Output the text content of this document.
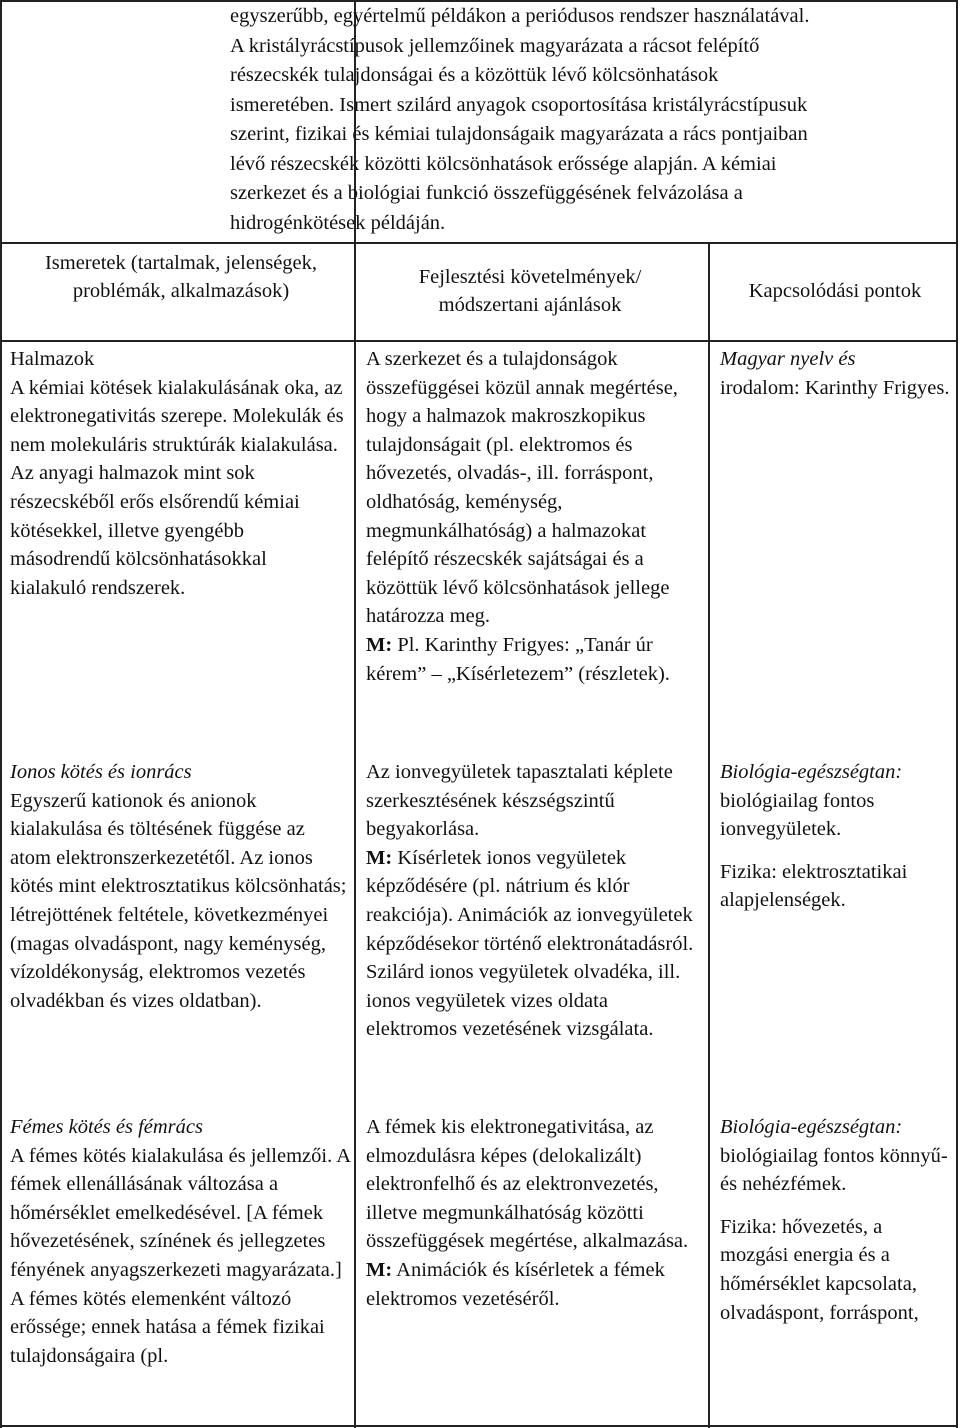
egyszerűbb, egyértelmű példákon a periódusos rendszer használatával.
A kristályrácstípusok jellemzőinek magyarázata a rácsot felépítő
részecskék tulajdonságai és a közöttük lévő kölcsönhatások
ismeretében. Ismert szilárd anyagok csoportosítása kristályrácstípusuk
szerint, fizikai és kémiai tulajdonságaik magyarázata a rács pontjaiban
lévő részecskék közötti kölcsönhatások erőssége alapján. A kémiai
szerkezet és a biológiai funkció összefüggésének felvázolása a
hidrogénkötések példáján.
Ismeretek (tartalmak, jelenségek, problémák, alkalmazások)
Fejlesztési követelmények/ módszertani ajánlások
Kapcsolódási pontok
Halmazok
A kémiai kötések kialakulásának oka, az elektronegativitás szerepe. Molekulák és nem molekuláris struktúrák kialakulása. Az anyagi halmazok mint sok részecskéből erős elsőrendű kémiai kötésekkel, illetve gyengébb másodrendű kölcsönhatásokkal kialakuló rendszerek.
Ionos kötés és ionrács
Egyszerű kationok és anionok kialakulása és töltésének függése az atom elektronszerkezetétől. Az ionos kötés mint elektrosztatikus kölcsönhatás; létrejöttének feltétele, következményei (magas olvadáspont, nagy keménység, vízoldékonyság, elektromos vezetés olvadékban és vizes oldatban).
Fémes kötés és fémrács
A fémes kötés kialakulása és jellemzői. A fémek ellenállásának változása a hőmérséklet emelkedésével. [A fémek hővezetésének, színének és jellegzetes fényének anyagszerkezeti magyarázata.] A fémes kötés elemenként változó erőssége; ennek hatása a fémek fizikai tulajdonságaira (pl.
A szerkezet és a tulajdonságok összefüggései közül annak megértése, hogy a halmazok makroszkopikus tulajdonságait (pl. elektromos és hővezetés, olvadás-, ill. forráspont, oldhatóság, keménység, megmunkálhatóság) a halmazokat felépítő részecskék sajátságai és a közöttük lévő kölcsönhatások jellege határozza meg.
M: Pl. Karinthy Frigyes: „Tanár úr kérem” – „Kísérletezem” (részletek).
Az ionvegyületek tapasztalati képlete szerkesztésének készségszintű begyakorlása.
M: Kísérletek ionos vegyületek képződésére (pl. nátrium és klór reakciója). Animációk az ionvegyületek képződésekor történő elektronátadásról. Szilárd ionos vegyületek olvadéka, ill. ionos vegyületek vizes oldata elektromos vezetésének vizsgálata.
A fémek kis elektronegativitása, az elmozdulásra képes (delokalizált) elektronfelhő és az elektronvezetés, illetve megmunkálhatóság közötti összefüggések megértése, alkalmazása.
M: Animációk és kísérletek a fémek elektromos vezetéséről.
Magyar nyelv és
irodalom: Karinthy Frigyes.
Biológia-egészségtan:
biológiailag fontos ionvegyületek.
Fizika: elektrosztatikai alapjelenségek.
Biológia-egészségtan:
biológiailag fontos könnyű- és nehézfémek.
Fizika: hővezetés, a mozgási energia és a hőmérséklet kapcsolata, olvadáspont, forráspont,
